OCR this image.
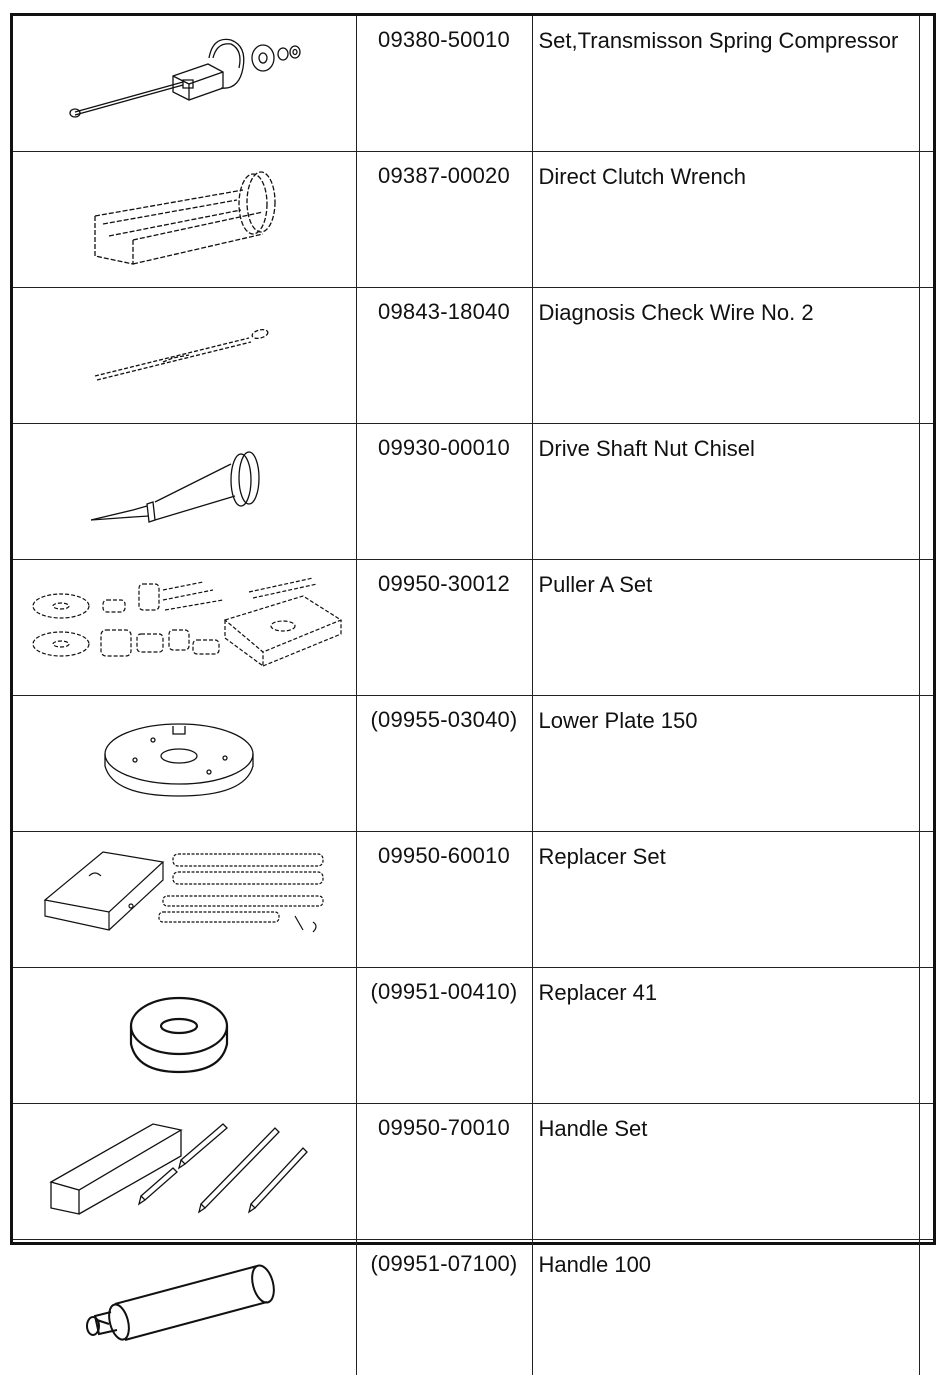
09380-50010	Set,Transmisson Spring Compressor	

09387-00020	Direct Clutch Wrench	

09843-18040	Diagnosis Check Wire No. 2	

09930-00010	Drive Shaft Nut Chisel	

09950-30012	Puller A Set	

(09955-03040)	Lower Plate 150	

09950-60010	Replacer Set	

(09951-00410)	Replacer 41	

09950-70010	Handle Set	

(09951-07100)	Handle 100	
